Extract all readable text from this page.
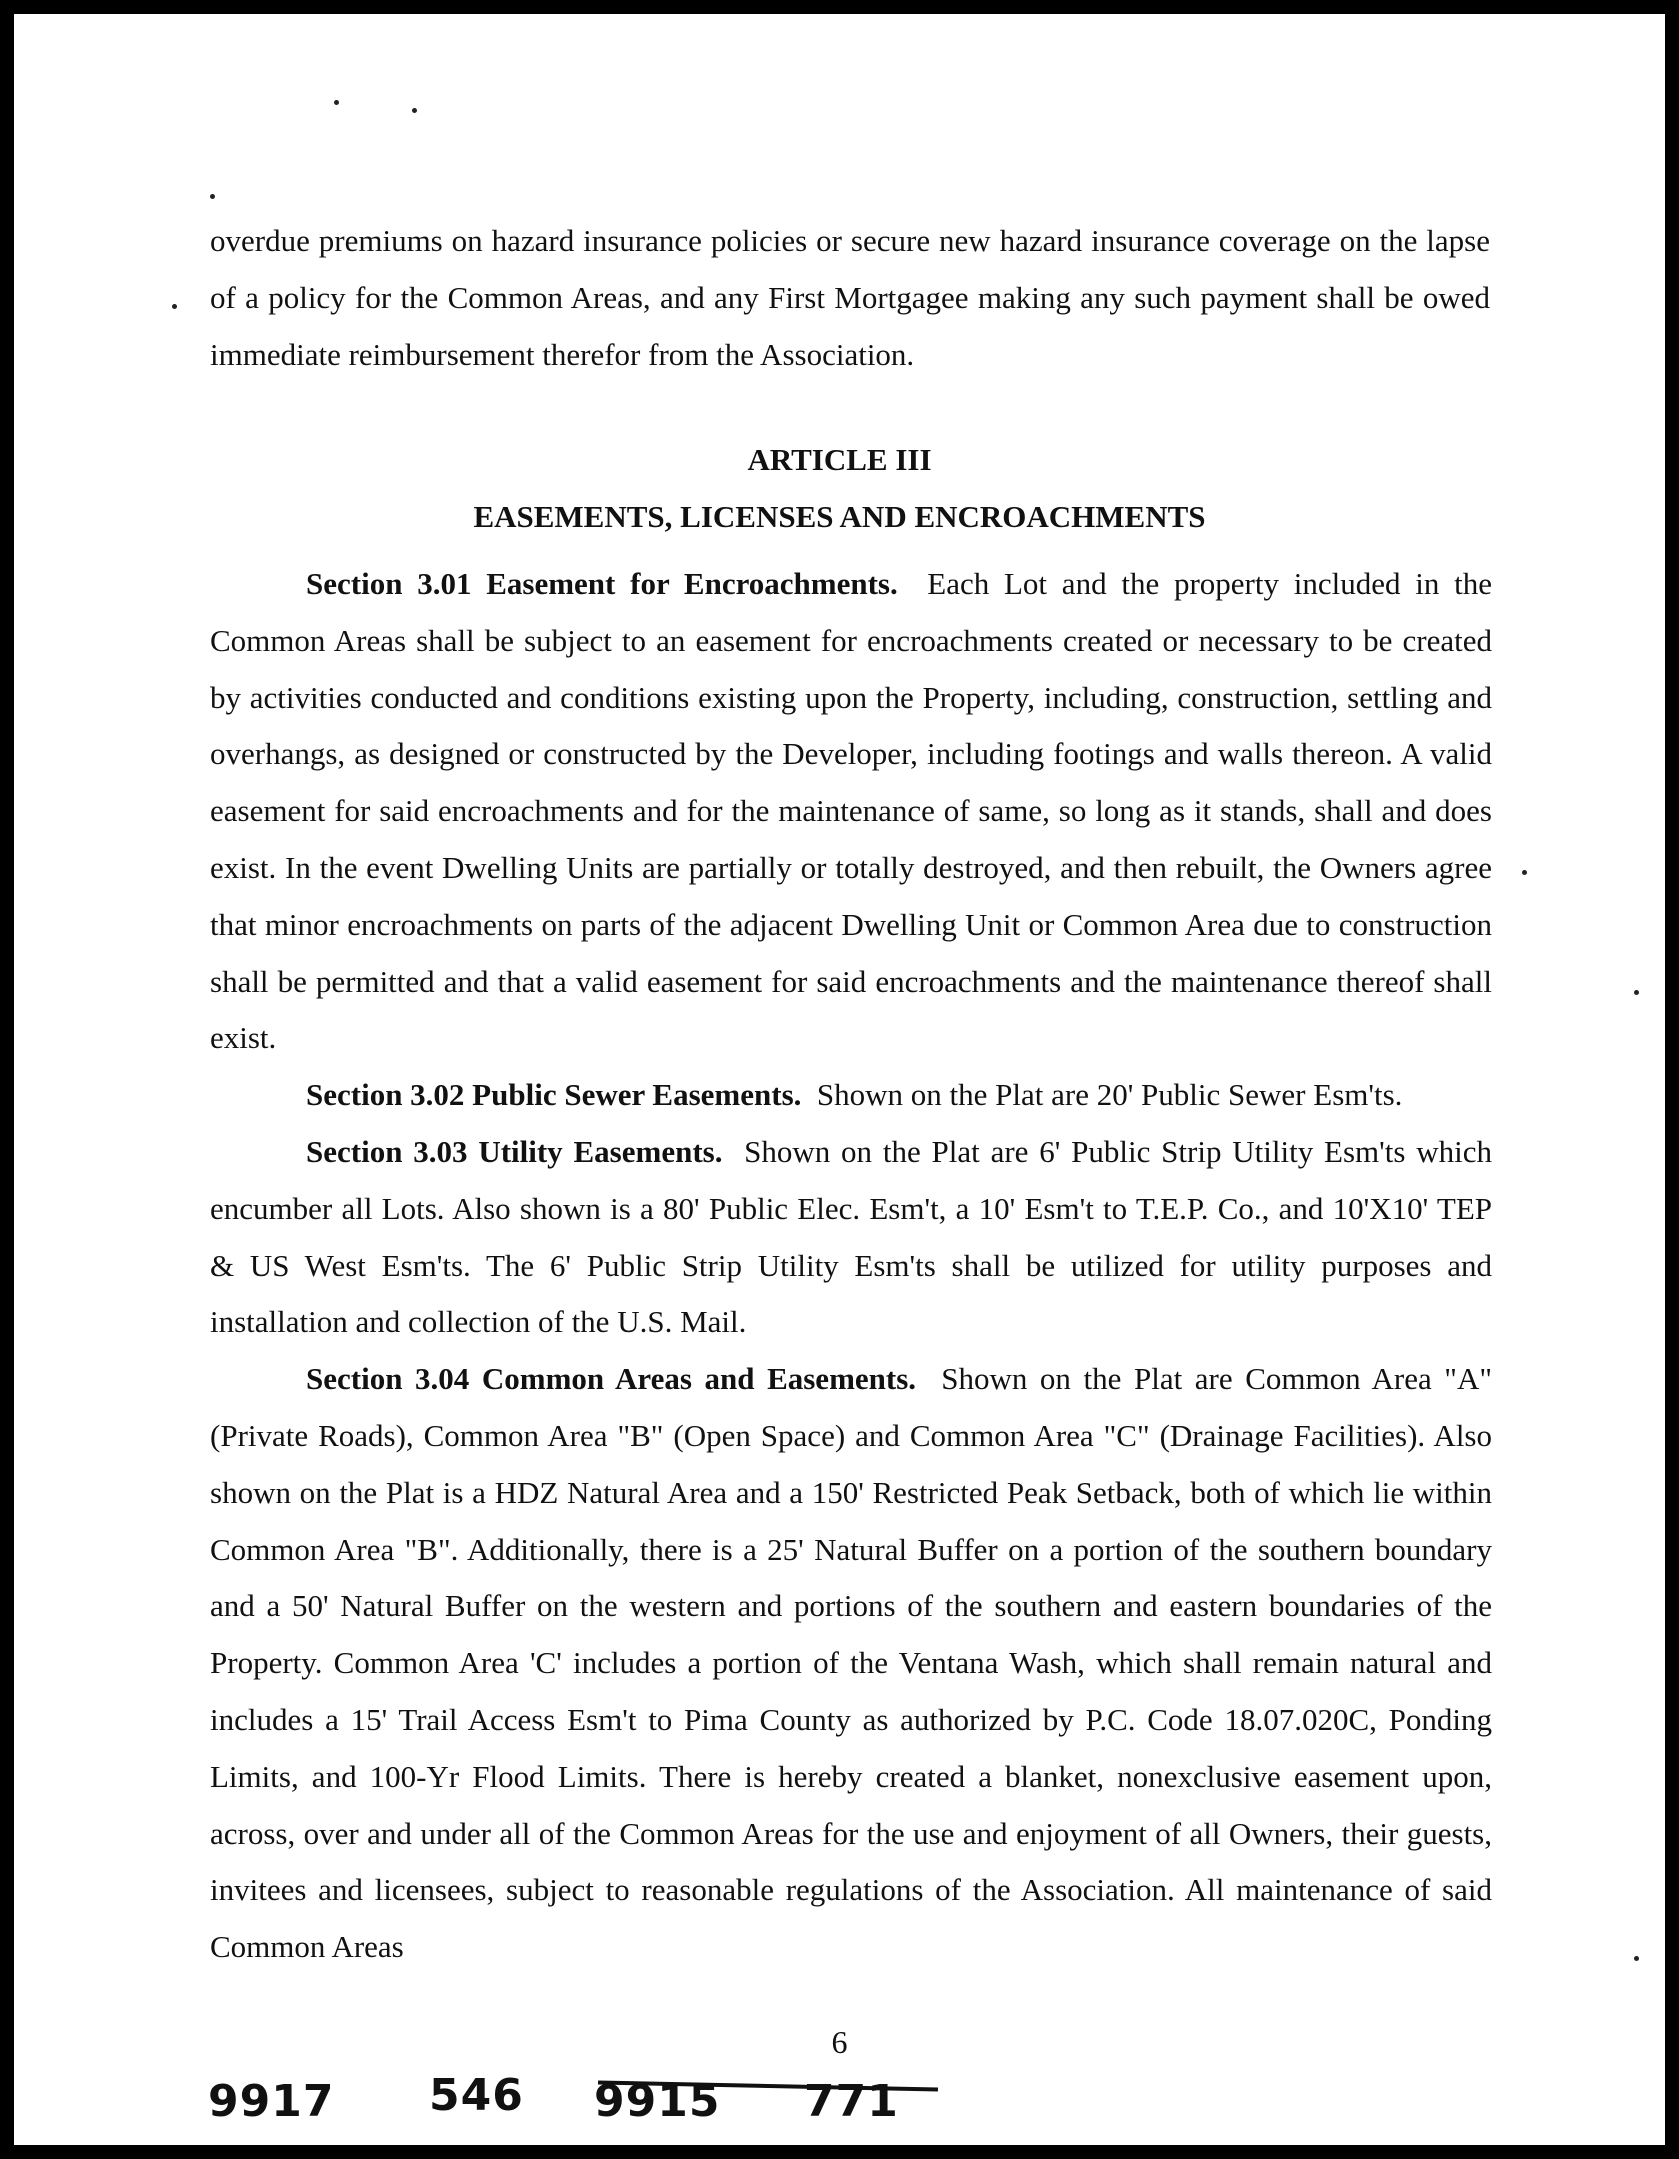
overdue premiums on hazard insurance policies or secure new hazard insurance coverage on the lapse of a policy for the Common Areas, and any First Mortgagee making any such payment shall be owed immediate reimbursement therefor from the Association.

ARTICLE III
EASEMENTS, LICENSES AND ENCROACHMENTS

Section 3.01 Easement for Encroachments. Each Lot and the property included in the Common Areas shall be subject to an easement for encroachments created or necessary to be created by activities conducted and conditions existing upon the Property, including, construction, settling and overhangs, as designed or constructed by the Developer, including footings and walls thereon. A valid easement for said encroachments and for the maintenance of same, so long as it stands, shall and does exist. In the event Dwelling Units are partially or totally destroyed, and then rebuilt, the Owners agree that minor encroachments on parts of the adjacent Dwelling Unit or Common Area due to construction shall be permitted and that a valid easement for said encroachments and the maintenance thereof shall exist.

Section 3.02 Public Sewer Easements. Shown on the Plat are 20' Public Sewer Esm'ts.

Section 3.03 Utility Easements. Shown on the Plat are 6' Public Strip Utility Esm'ts which encumber all Lots. Also shown is a 80' Public Elec. Esm't, a 10' Esm't to T.E.P. Co., and 10'X10' TEP & US West Esm'ts. The 6' Public Strip Utility Esm'ts shall be utilized for utility purposes and installation and collection of the U.S. Mail.

Section 3.04 Common Areas and Easements. Shown on the Plat are Common Area "A" (Private Roads), Common Area "B" (Open Space) and Common Area "C" (Drainage Facilities). Also shown on the Plat is a HDZ Natural Area and a 150' Restricted Peak Setback, both of which lie within Common Area "B". Additionally, there is a 25' Natural Buffer on a portion of the southern boundary and a 50' Natural Buffer on the western and portions of the southern and eastern boundaries of the Property. Common Area 'C' includes a portion of the Ventana Wash, which shall remain natural and includes a 15' Trail Access Esm't to Pima County as authorized by P.C. Code 18.07.020C, Ponding Limits, and 100-Yr Flood Limits. There is hereby created a blanket, nonexclusive easement upon, across, over and under all of the Common Areas for the use and enjoyment of all Owners, their guests, invitees and licensees, subject to reasonable regulations of the Association. All maintenance of said Common Areas

6
9917 546 9915 771
